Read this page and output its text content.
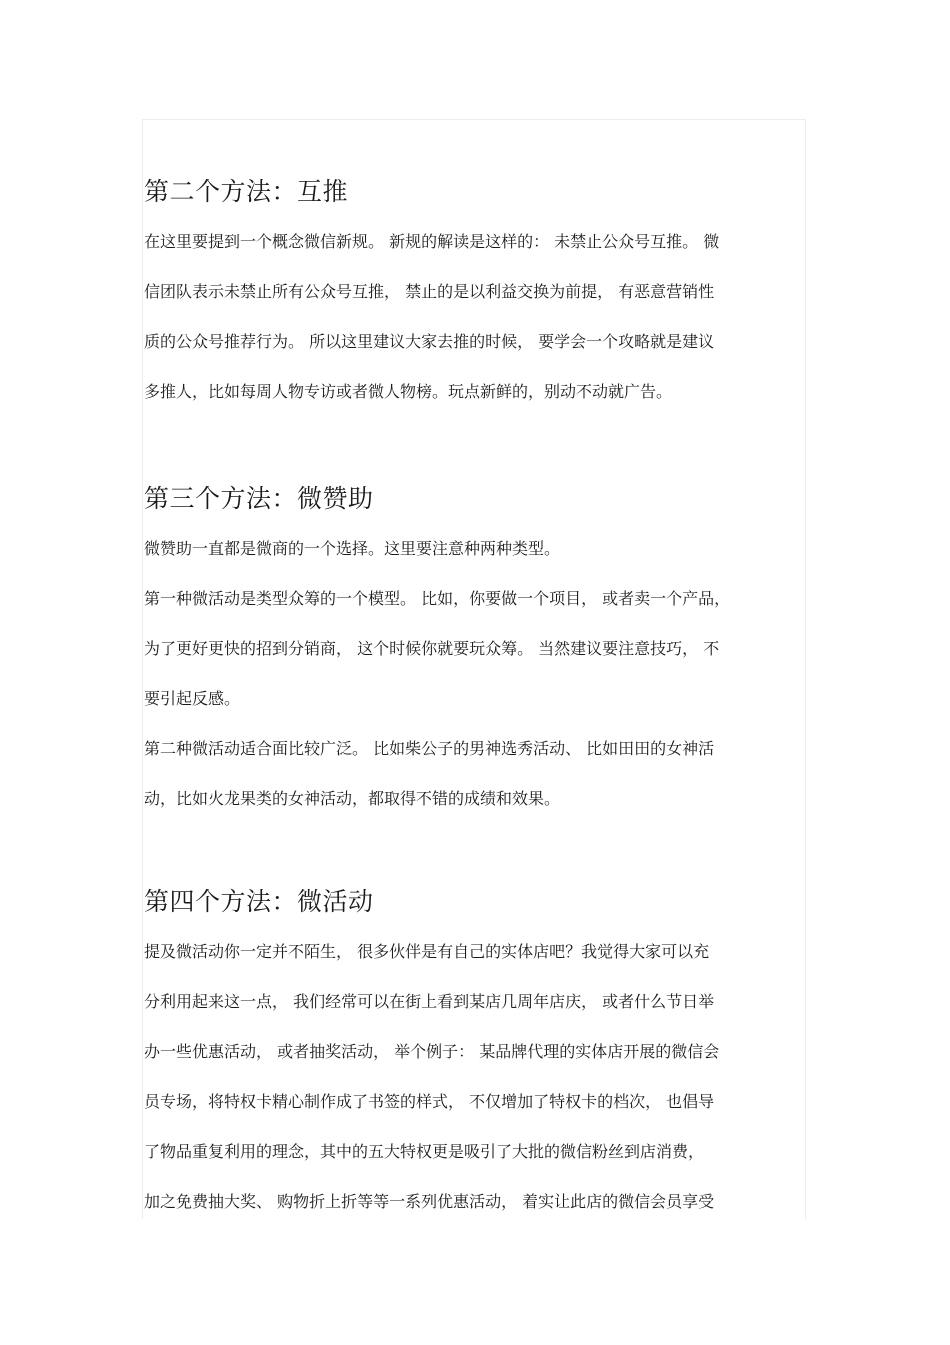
第二个方法：互推

在这里要提到一个概念微信新规。 新规的解读是这样的： 未禁止公众号互推。 微
信团队表示未禁止所有公众号互推， 禁止的是以利益交换为前提， 有恶意营销性
质的公众号推荐行为。 所以这里建议大家去推的时候， 要学会一个攻略就是建议
多推人，比如每周人物专访或者微人物榜。玩点新鲜的，别动不动就广告。

第三个方法：微赞助

微赞助一直都是微商的一个选择。这里要注意种两种类型。
第一种微活动是类型众筹的一个模型。 比如，你要做一个项目， 或者卖一个产品，
为了更好更快的招到分销商， 这个时候你就要玩众筹。 当然建议要注意技巧， 不
要引起反感。
第二种微活动适合面比较广泛。 比如柴公子的男神选秀活动、 比如田田的女神活
动，比如火龙果类的女神活动，都取得不错的成绩和效果。

第四个方法：微活动

提及微活动你一定并不陌生， 很多伙伴是有自己的实体店吧？我觉得大家可以充
分利用起来这一点， 我们经常可以在街上看到某店几周年店庆， 或者什么节日举
办一些优惠活动， 或者抽奖活动， 举个例子： 某品牌代理的实体店开展的微信会
员专场，将特权卡精心制作成了书签的样式， 不仅增加了特权卡的档次， 也倡导
了物品重复利用的理念，其中的五大特权更是吸引了大批的微信粉丝到店消费，
加之免费抽大奖、 购物折上折等等一系列优惠活动， 着实让此店的微信会员享受
